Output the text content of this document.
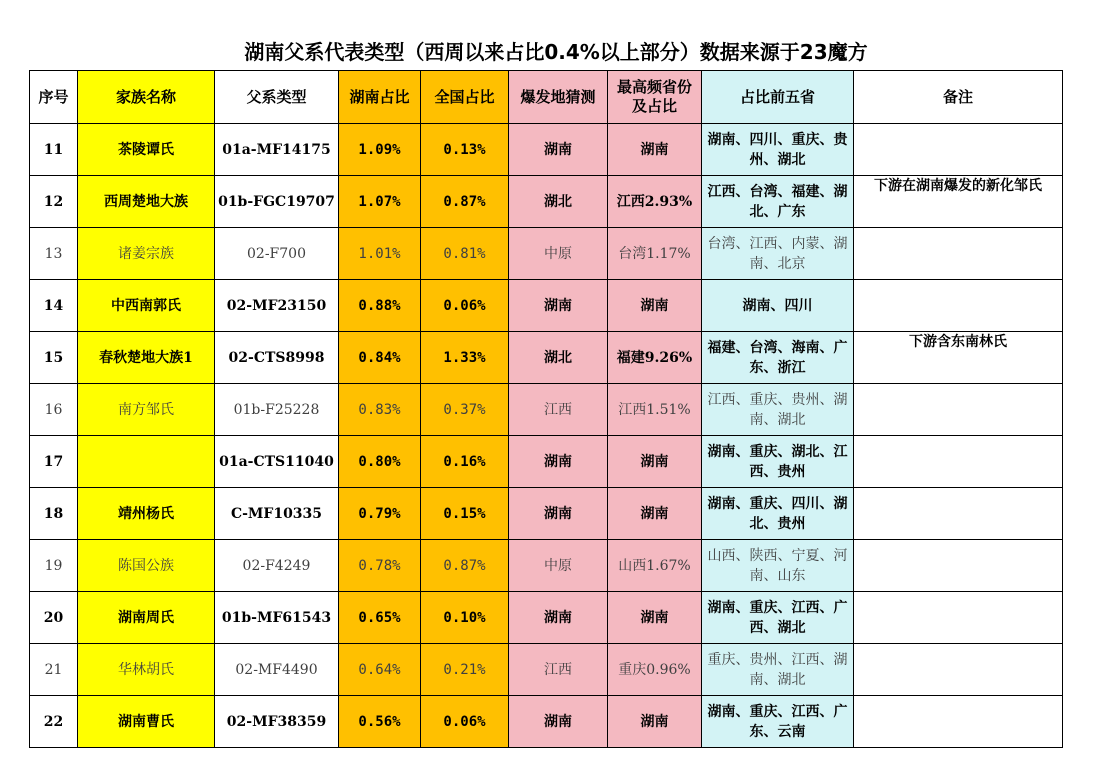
湖南父系代表类型（西周以来占比0.4%以上部分）数据来源于23魔方
序号	家族名称	父系类型	湖南占比	全国占比	爆发地猜测	最高频省份及占比	占比前五省	备注
11	茶陵谭氏	01a-MF14175	1.09%	0.13%	湖南	湖南	湖南、四川、重庆、贵州、湖北	
12	西周楚地大族	01b-FGC19707	1.07%	0.87%	湖北	江西2.93%	江西、台湾、福建、湖北、广东	下游在湖南爆发的新化邹氏
13	诸姜宗族	02-F700	1.01%	0.81%	中原	台湾1.17%	台湾、江西、内蒙、湖南、北京	
14	中西南郭氏	02-MF23150	0.88%	0.06%	湖南	湖南	湖南、四川	
15	春秋楚地大族1	02-CTS8998	0.84%	1.33%	湖北	福建9.26%	福建、台湾、海南、广东、浙江	下游含东南林氏
16	南方邹氏	01b-F25228	0.83%	0.37%	江西	江西1.51%	江西、重庆、贵州、湖南、湖北	
17		01a-CTS11040	0.80%	0.16%	湖南	湖南	湖南、重庆、湖北、江西、贵州	
18	靖州杨氏	C-MF10335	0.79%	0.15%	湖南	湖南	湖南、重庆、四川、湖北、贵州	
19	陈国公族	02-F4249	0.78%	0.87%	中原	山西1.67%	山西、陕西、宁夏、河南、山东	
20	湖南周氏	01b-MF61543	0.65%	0.10%	湖南	湖南	湖南、重庆、江西、广西、湖北	
21	华林胡氏	02-MF4490	0.64%	0.21%	江西	重庆0.96%	重庆、贵州、江西、湖南、湖北	
22	湖南曹氏	02-MF38359	0.56%	0.06%	湖南	湖南	湖南、重庆、江西、广东、云南	
